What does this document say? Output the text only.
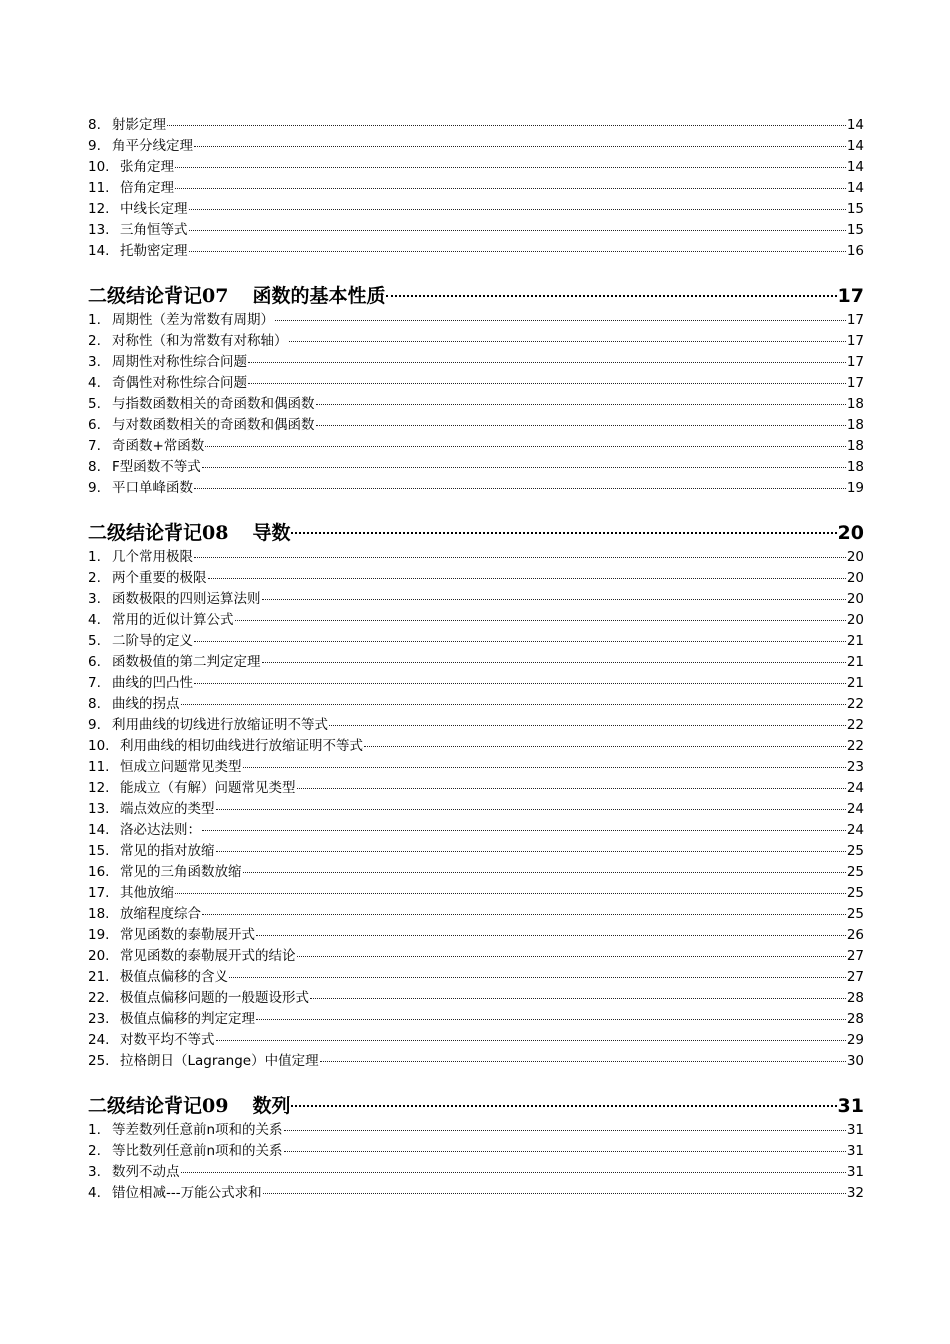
8. 射影定理	14
9. 角平分线定理	14
10. 张角定理	14
11. 倍角定理	14
12. 中线长定理	15
13. 三角恒等式	15
14. 托勒密定理	16
二级结论背记07 函数的基本性质	17
1. 周期性（差为常数有周期）	17
2. 对称性（和为常数有对称轴）	17
3. 周期性对称性综合问题	17
4. 奇偶性对称性综合问题	17
5. 与指数函数相关的奇函数和偶函数	18
6. 与对数函数相关的奇函数和偶函数	18
7. 奇函数+常函数	18
8. F型函数不等式	18
9. 平口单峰函数	19
二级结论背记08 导数	20
1. 几个常用极限	20
2. 两个重要的极限	20
3. 函数极限的四则运算法则	20
4. 常用的近似计算公式	20
5. 二阶导的定义	21
6. 函数极值的第二判定定理	21
7. 曲线的凹凸性	21
8. 曲线的拐点	22
9. 利用曲线的切线进行放缩证明不等式	22
10. 利用曲线的相切曲线进行放缩证明不等式	22
11. 恒成立问题常见类型	23
12. 能成立（有解）问题常见类型	24
13. 端点效应的类型	24
14. 洛必达法则：	24
15. 常见的指对放缩	25
16. 常见的三角函数放缩	25
17. 其他放缩	25
18. 放缩程度综合	25
19. 常见函数的泰勒展开式	26
20. 常见函数的泰勒展开式的结论	27
21. 极值点偏移的含义	27
22. 极值点偏移问题的一般题设形式	28
23. 极值点偏移的判定定理	28
24. 对数平均不等式	29
25. 拉格朗日（Lagrange）中值定理	30
二级结论背记09 数列	31
1. 等差数列任意前n项和的关系	31
2. 等比数列任意前n项和的关系	31
3. 数列不动点	31
4. 错位相减---万能公式求和	32
